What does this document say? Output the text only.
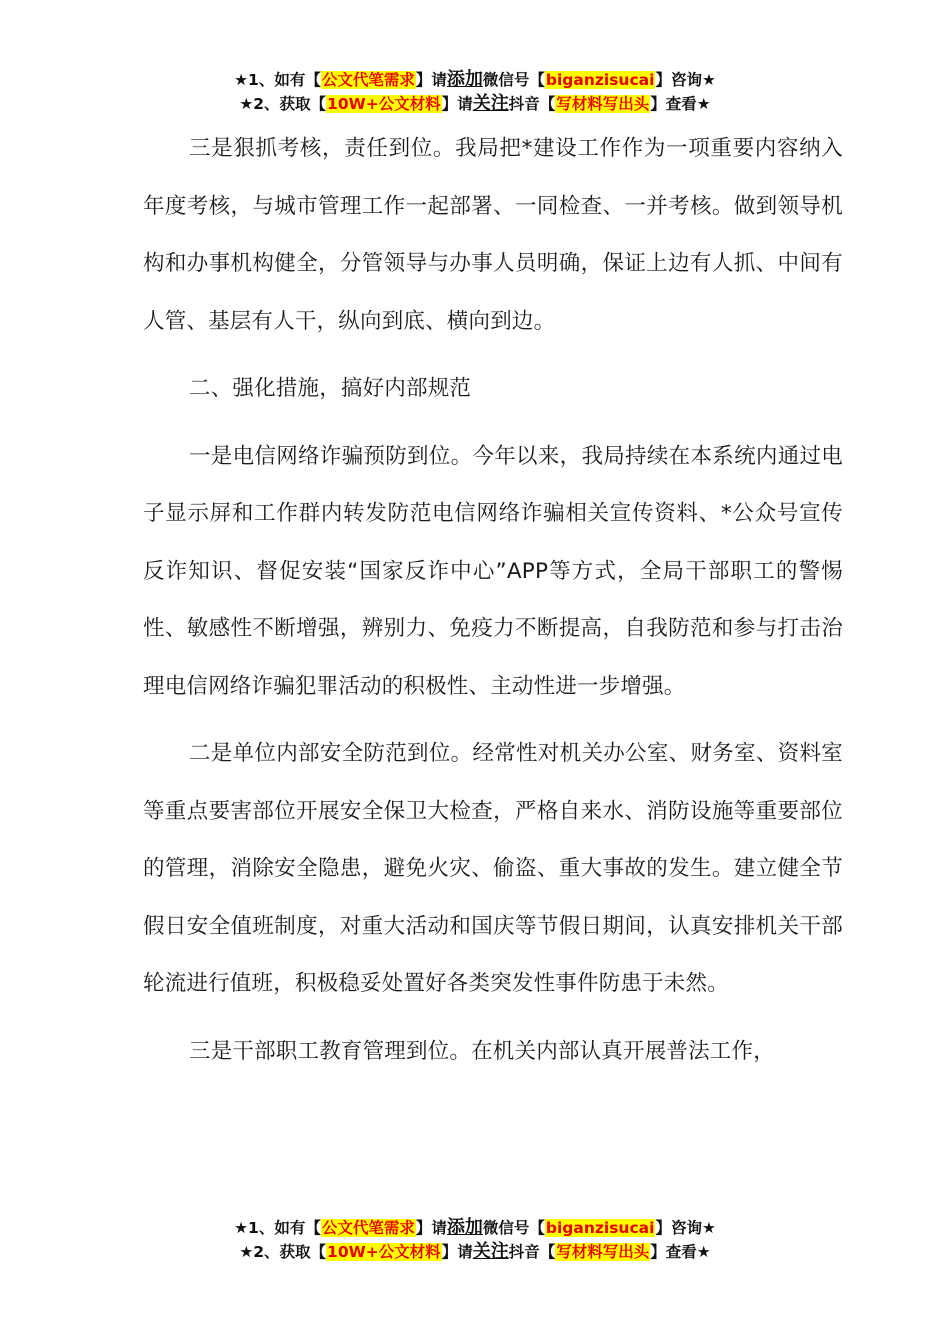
★1、如有【公文代笔需求】请添加微信号【biganzisucai】咨询★
★2、获取【10W+公文材料】请关注抖音【写材料写出头】查看★

三是狠抓考核，责任到位。我局把*建设工作作为一项重要内容纳入年度考核，与城市管理工作一起部署、一同检查、一并考核。做到领导机构和办事机构健全，分管领导与办事人员明确，保证上边有人抓、中间有人管、基层有人干，纵向到底、横向到边。

二、强化措施，搞好内部规范

一是电信网络诈骗预防到位。今年以来，我局持续在本系统内通过电子显示屏和工作群内转发防范电信网络诈骗相关宣传资料、*公众号宣传反诈知识、督促安装“国家反诈中心”APP等方式，全局干部职工的警惕性、敏感性不断增强，辨别力、免疫力不断提高，自我防范和参与打击治理电信网络诈骗犯罪活动的积极性、主动性进一步增强。

二是单位内部安全防范到位。经常性对机关办公室、财务室、资料室等重点要害部位开展安全保卫大检查，严格自来水、消防设施等重要部位的管理，消除安全隐患，避免火灾、偷盗、重大事故的发生。建立健全节假日安全值班制度，对重大活动和国庆等节假日期间，认真安排机关干部轮流进行值班，积极稳妥处置好各类突发性事件防患于未然。

三是干部职工教育管理到位。在机关内部认真开展普法工作，

★1、如有【公文代笔需求】请添加微信号【biganzisucai】咨询★
★2、获取【10W+公文材料】请关注抖音【写材料写出头】查看★
